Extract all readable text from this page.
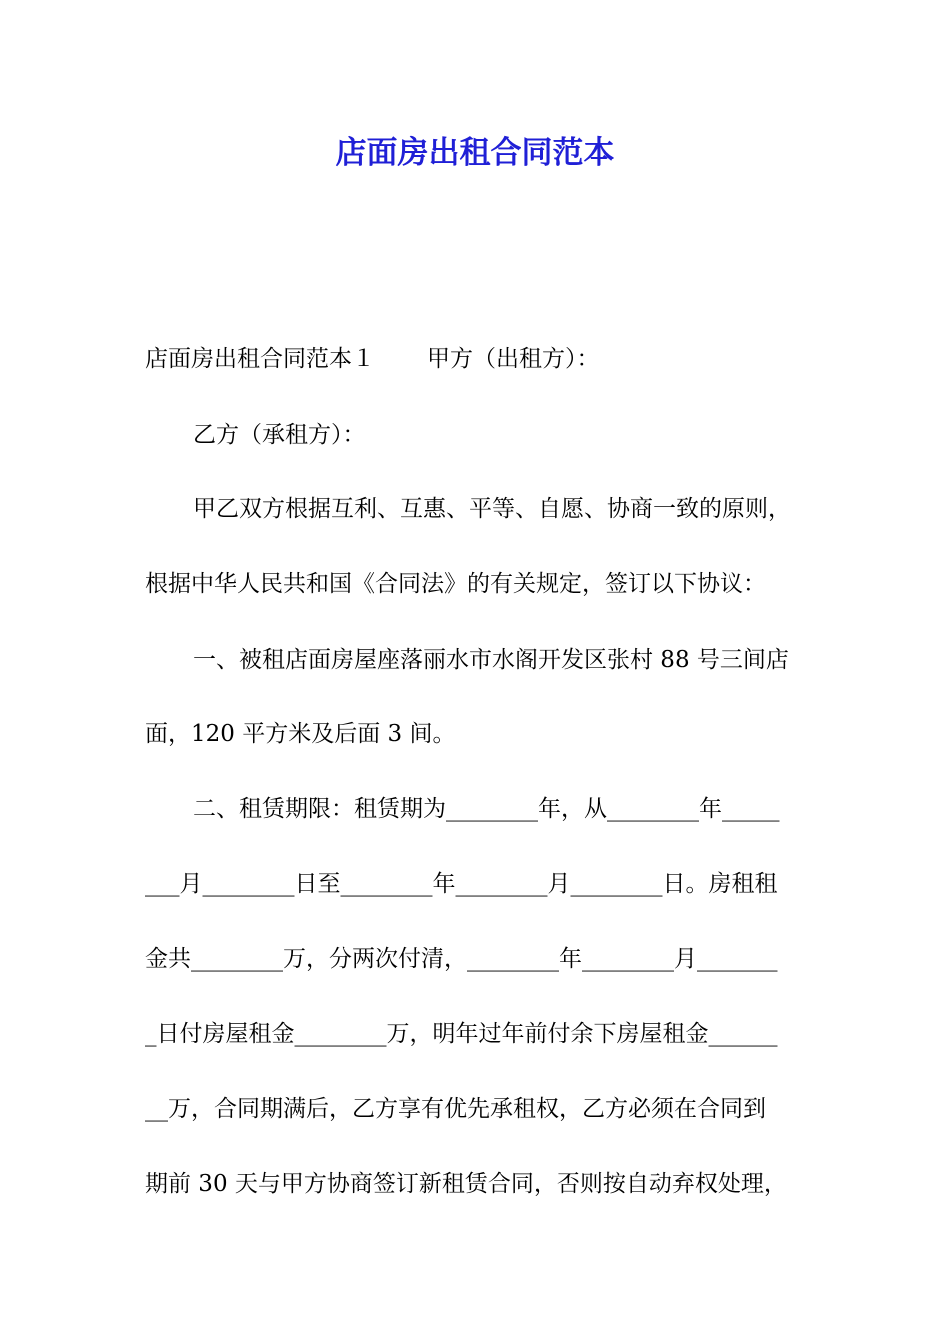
店面房出租合同范本

店面房出租合同范本１ 甲方（出租方）：

乙方（承租方）：

甲乙双方根据互利、互惠、平等、自愿、协商一致的原则，

根据中华人民共和国《合同法》的有关规定，签订以下协议：

一、被租店面房屋座落丽水市水阁开发区张村 88 号三间店

面，120 平方米及后面 3 间。

二、租赁期限：租赁期为________年，从________年_____

___月________日至________年________月________日。房租租

金共________万，分两次付清，________年________月_______

_日付房屋租金________万，明年过年前付余下房屋租金______

__万，合同期满后，乙方享有优先承租权，乙方必须在合同到

期前 30 天与甲方协商签订新租赁合同，否则按自动弃权处理，
